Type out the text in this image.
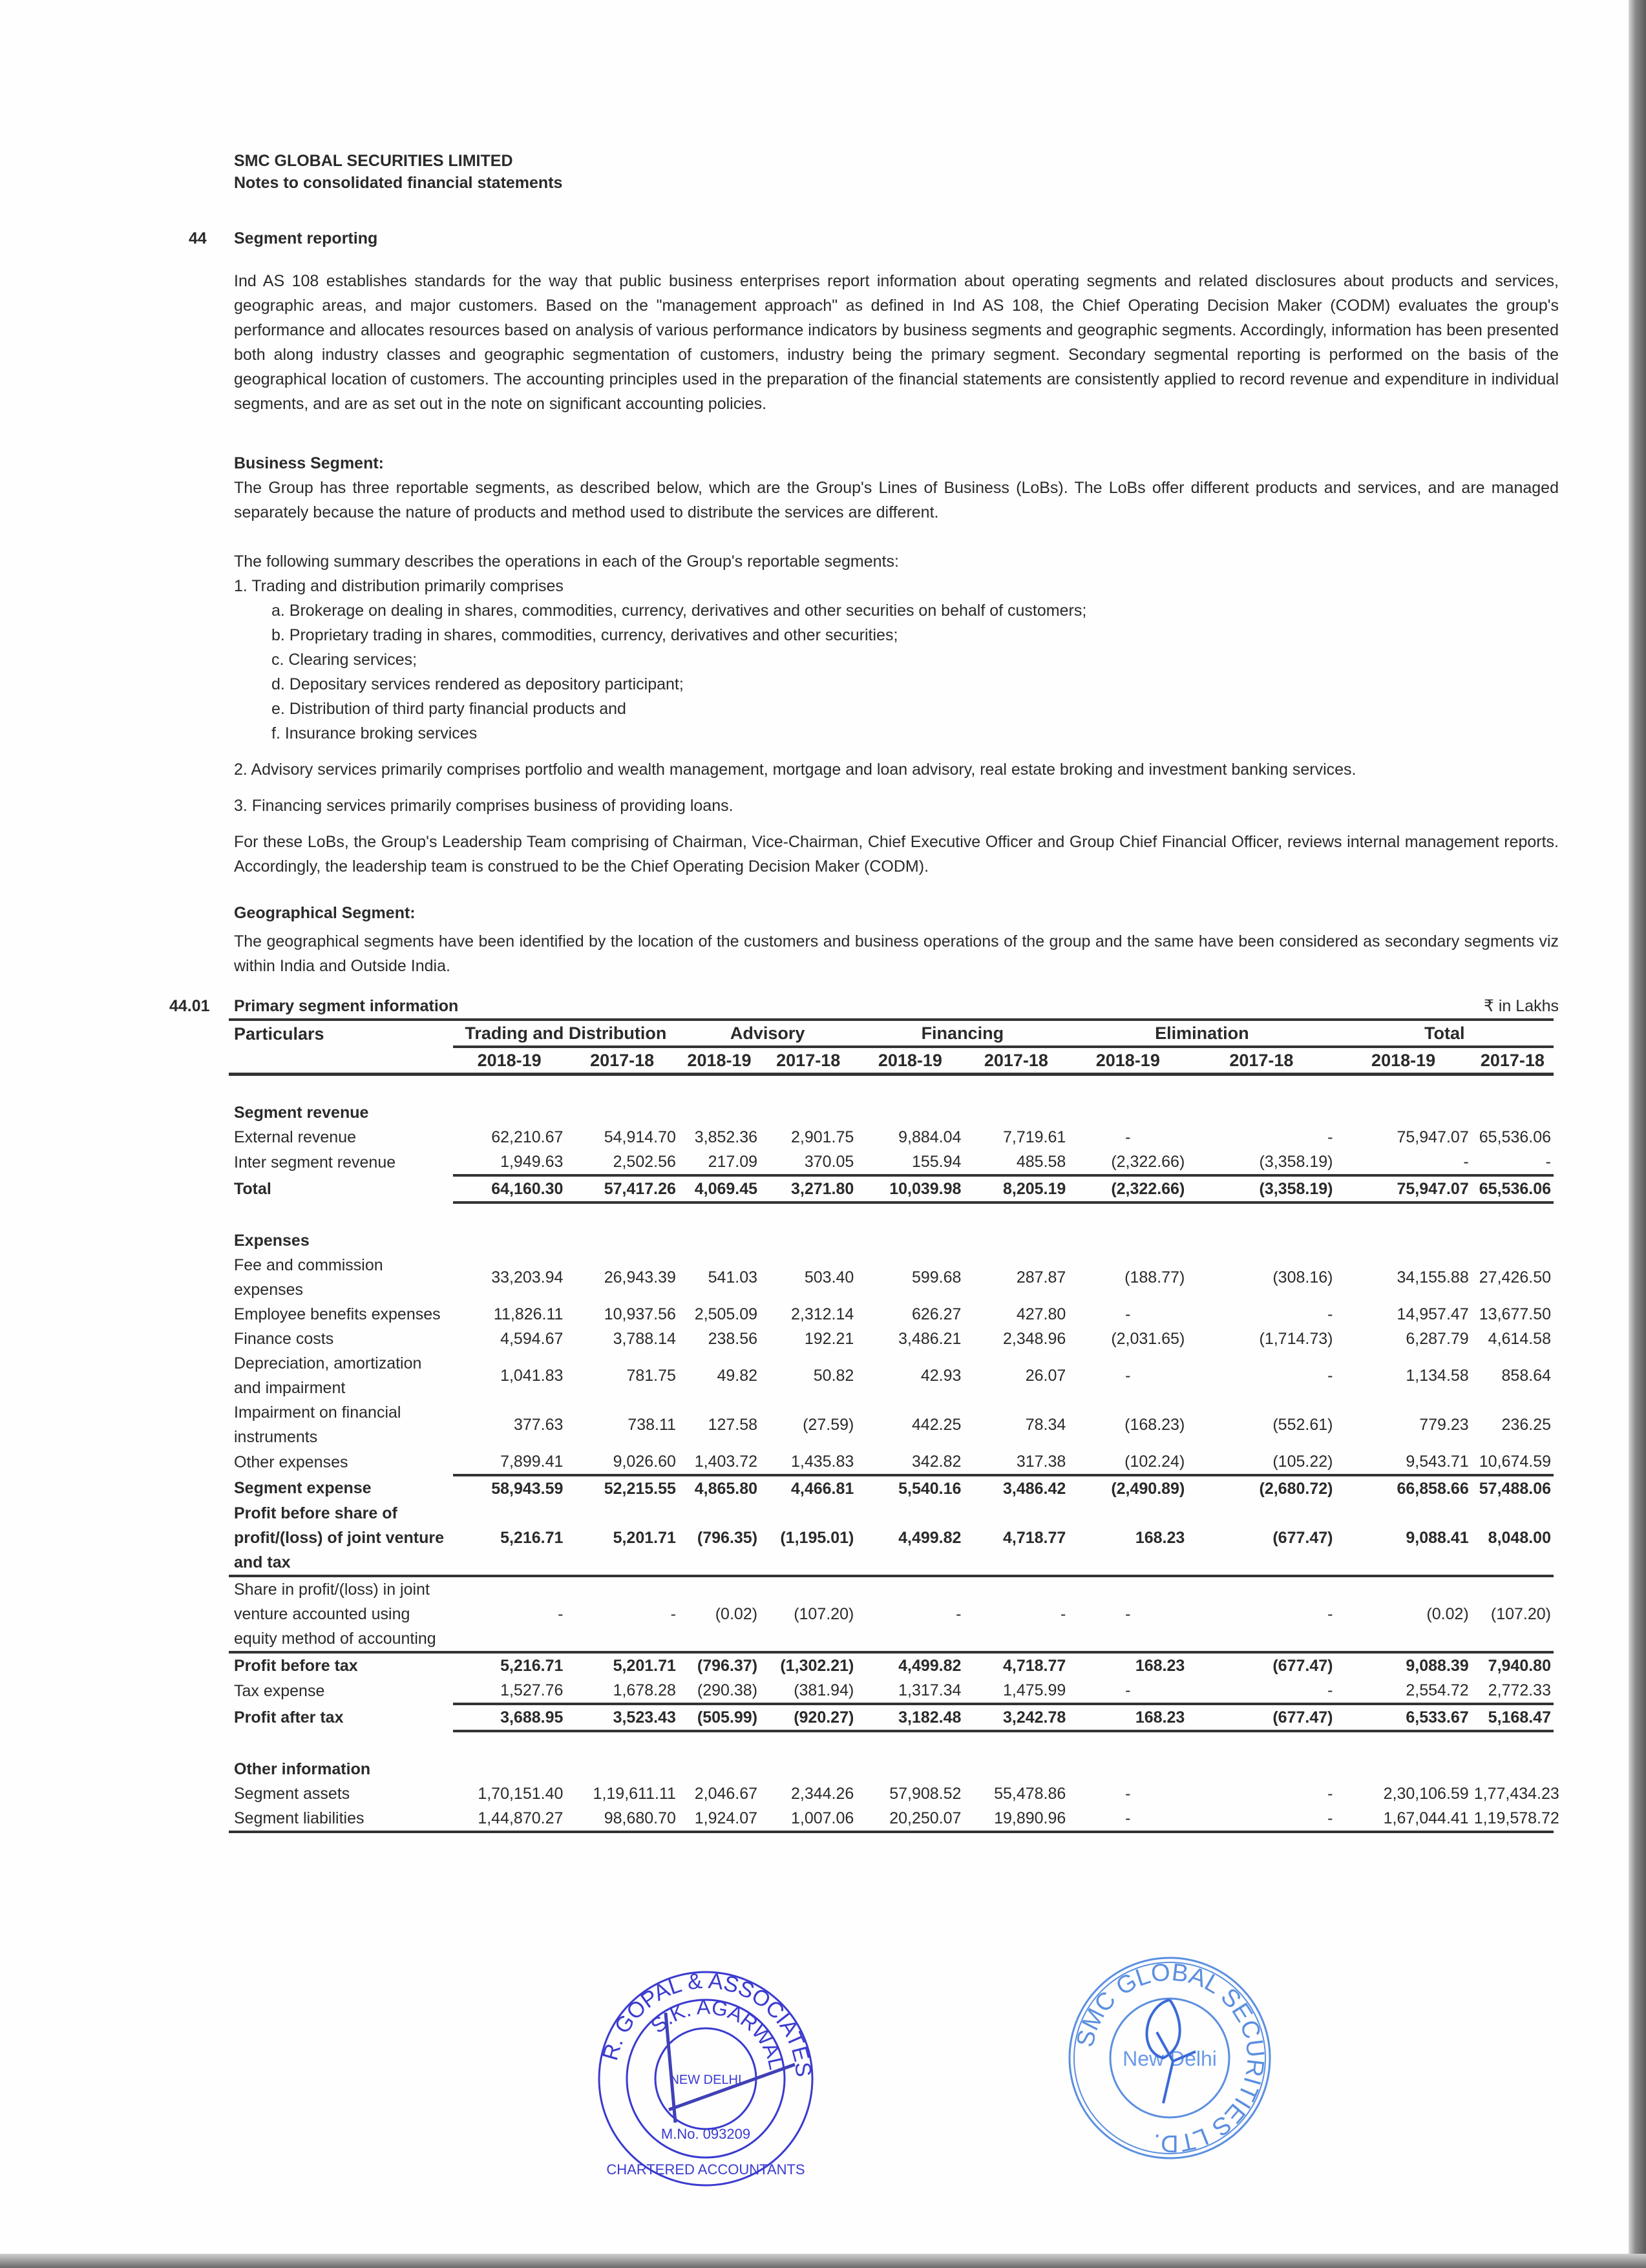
SMC GLOBAL SECURITIES LIMITED
Notes to consolidated financial statements
44 Segment reporting

Ind AS 108 establishes standards for the way that public business enterprises report information about operating segments and related disclosures about products and services, geographic areas, and major customers. Based on the "management approach" as defined in Ind AS 108, the Chief Operating Decision Maker (CODM) evaluates the group's performance and allocates resources based on analysis of various performance indicators by business segments and geographic segments. Accordingly, information has been presented both along industry classes and geographic segmentation of customers, industry being the primary segment. Secondary segmental reporting is performed on the basis of the geographical location of customers. The accounting principles used in the preparation of the financial statements are consistently applied to record revenue and expenditure in individual segments, and are as set out in the note on significant accounting policies.

Business Segment:

The Group has three reportable segments, as described below, which are the Group's Lines of Business (LoBs). The LoBs offer different products and services, and are managed separately because the nature of products and method used to distribute the services are different.

The following summary describes the operations in each of the Group's reportable segments:

1. Trading and distribution primarily comprises
a. Brokerage on dealing in shares, commodities, currency, derivatives and other securities on behalf of customers;
b. Proprietary trading in shares, commodities, currency, derivatives and other securities;
c. Clearing services;
d. Depositary services rendered as depository participant;
e. Distribution of third party financial products and
f. Insurance broking services

2. Advisory services primarily comprises portfolio and wealth management, mortgage and loan advisory, real estate broking and investment banking services.

3. Financing services primarily comprises business of providing loans.

For these LoBs, the Group's Leadership Team comprising of Chairman, Vice-Chairman, Chief Executive Officer and Group Chief Financial Officer, reviews internal management reports. Accordingly, the leadership team is construed to be the Chief Operating Decision Maker (CODM).

Geographical Segment:

The geographical segments have been identified by the location of the customers and business operations of the group and the same have been considered as secondary segments viz within India and Outside India.

44.01 Primary segment information	₹ in Lakhs
Particulars	Trading and Distribution		Advisory		Financing		Elimination		Total	
	2018-19	2017-18	2018-19	2017-18	2018-19	2017-18	2018-19	2017-18	2018-19	2017-18

Segment revenue										
External revenue	62,210.67	54,914.70	3,852.36	2,901.75	9,884.04	7,719.61	-	-	75,947.07	65,536.06
Inter segment revenue	1,949.63	2,502.56	217.09	370.05	155.94	485.58	(2,322.66)	(3,358.19)	-	-
Total	64,160.30	57,417.26	4,069.45	3,271.80	10,039.98	8,205.19	(2,322.66)	(3,358.19)	75,947.07	65,536.06

Expenses										
Fee and commission expenses	33,203.94	26,943.39	541.03	503.40	599.68	287.87	(188.77)	(308.16)	34,155.88	27,426.50
Employee benefits expenses	11,826.11	10,937.56	2,505.09	2,312.14	626.27	427.80	-	-	14,957.47	13,677.50
Finance costs	4,594.67	3,788.14	238.56	192.21	3,486.21	2,348.96	(2,031.65)	(1,714.73)	6,287.79	4,614.58
Depreciation, amortization and impairment	1,041.83	781.75	49.82	50.82	42.93	26.07	-	-	1,134.58	858.64
Impairment on financial instruments	377.63	738.11	127.58	(27.59)	442.25	78.34	(168.23)	(552.61)	779.23	236.25
Other expenses	7,899.41	9,026.60	1,403.72	1,435.83	342.82	317.38	(102.24)	(105.22)	9,543.71	10,674.59
Segment expense	58,943.59	52,215.55	4,865.80	4,466.81	5,540.16	3,486.42	(2,490.89)	(2,680.72)	66,858.66	57,488.06
Profit before share of profit/(loss) of joint venture and tax	5,216.71	5,201.71	(796.35)	(1,195.01)	4,499.82	4,718.77	168.23	(677.47)	9,088.41	8,048.00
Share in profit/(loss) in joint venture accounted using equity method of accounting	-	-	(0.02)	(107.20)	-	-	-	-	(0.02)	(107.20)
Profit before tax	5,216.71	5,201.71	(796.37)	(1,302.21)	4,499.82	4,718.77	168.23	(677.47)	9,088.39	7,940.80
Tax expense	1,527.76	1,678.28	(290.38)	(381.94)	1,317.34	1,475.99	-	-	2,554.72	2,772.33
Profit after tax	3,688.95	3,523.43	(505.99)	(920.27)	3,182.48	3,242.78	168.23	(677.47)	6,533.67	5,168.47

Other information										
Segment assets	1,70,151.40	1,19,611.11	2,046.67	2,344.26	57,908.52	55,478.86	-	-	2,30,106.59	1,77,434.23
Segment liabilities	1,44,870.27	98,680.70	1,924.07	1,007.06	20,250.07	19,890.96	-	-	1,67,044.41	1,19,578.72
R. GOPAL & ASSOCIATES
S.K. AGARWAL
NEW DELHI
M.No. 093209
CHARTERED ACCOUNTANTS
SMC GLOBAL SECURITIES LTD.
New Delhi
